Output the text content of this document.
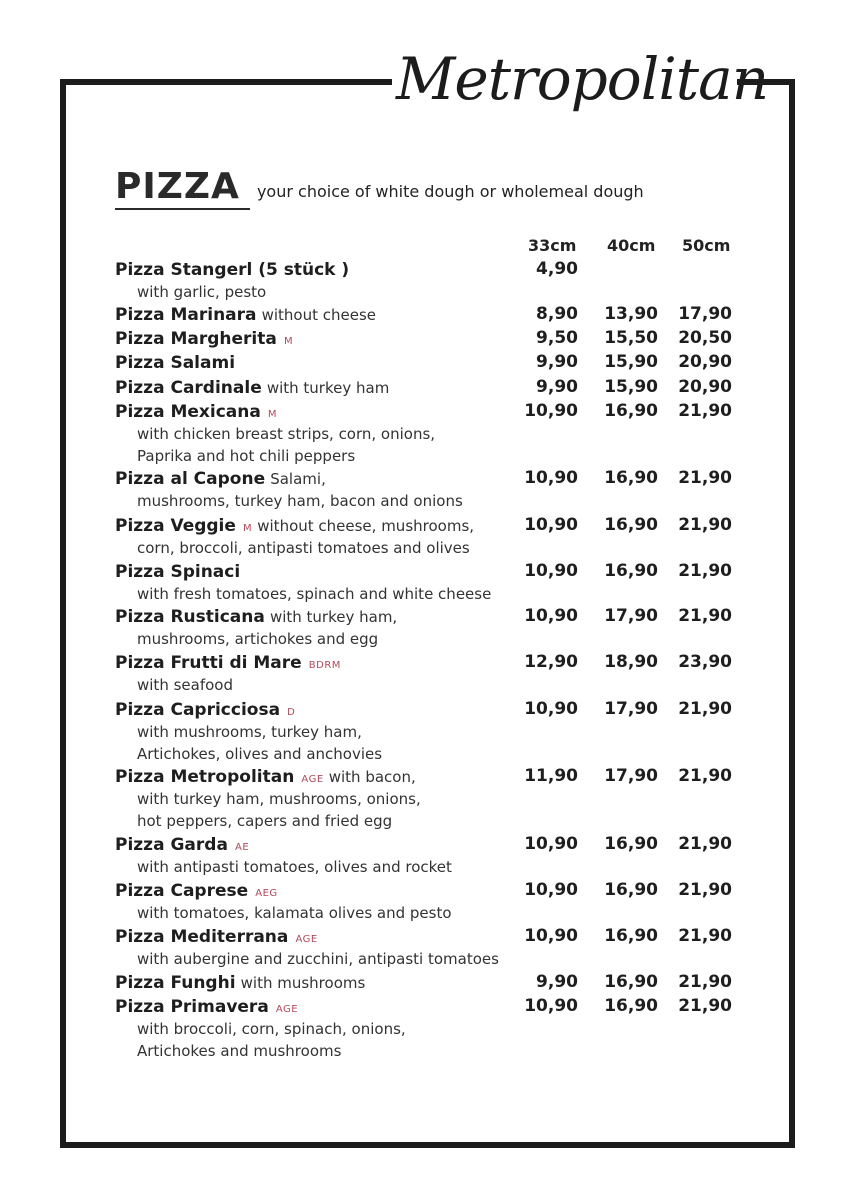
Metropolitan
PIZZA your choice of white dough or wholemeal dough
33cm 40cm 50cm
Pizza Stangerl (5 stück )	4,90
with garlic, pesto
Pizza Marinara without cheese	8,90	13,90	17,90
Pizza Margherita M	9,50	15,50	20,50
Pizza Salami	9,90	15,90	20,90
Pizza Cardinale with turkey ham	9,90	15,90	20,90
Pizza Mexicana M	10,90	16,90	21,90
with chicken breast strips, corn, onions,
Paprika and hot chili peppers
Pizza al Capone Salami,	10,90	16,90	21,90
mushrooms, turkey ham, bacon and onions
Pizza Veggie M without cheese, mushrooms,	10,90	16,90	21,90
corn, broccoli, antipasti tomatoes and olives
Pizza Spinaci	10,90	16,90	21,90
with fresh tomatoes, spinach and white cheese
Pizza Rusticana with turkey ham,	10,90	17,90	21,90
mushrooms, artichokes and egg
Pizza Frutti di Mare BDRM	12,90	18,90	23,90
with seafood
Pizza Capricciosa D	10,90	17,90	21,90
with mushrooms, turkey ham,
Artichokes, olives and anchovies
Pizza Metropolitan AGE with bacon,	11,90	17,90	21,90
with turkey ham, mushrooms, onions,
hot peppers, capers and fried egg
Pizza Garda AE	10,90	16,90	21,90
with antipasti tomatoes, olives and rocket
Pizza Caprese AEG	10,90	16,90	21,90
with tomatoes, kalamata olives and pesto
Pizza Mediterrana AGE	10,90	16,90	21,90
with aubergine and zucchini, antipasti tomatoes
Pizza Funghi with mushrooms	9,90	16,90	21,90
Pizza Primavera AGE	10,90	16,90	21,90
with broccoli, corn, spinach, onions,
Artichokes and mushrooms
